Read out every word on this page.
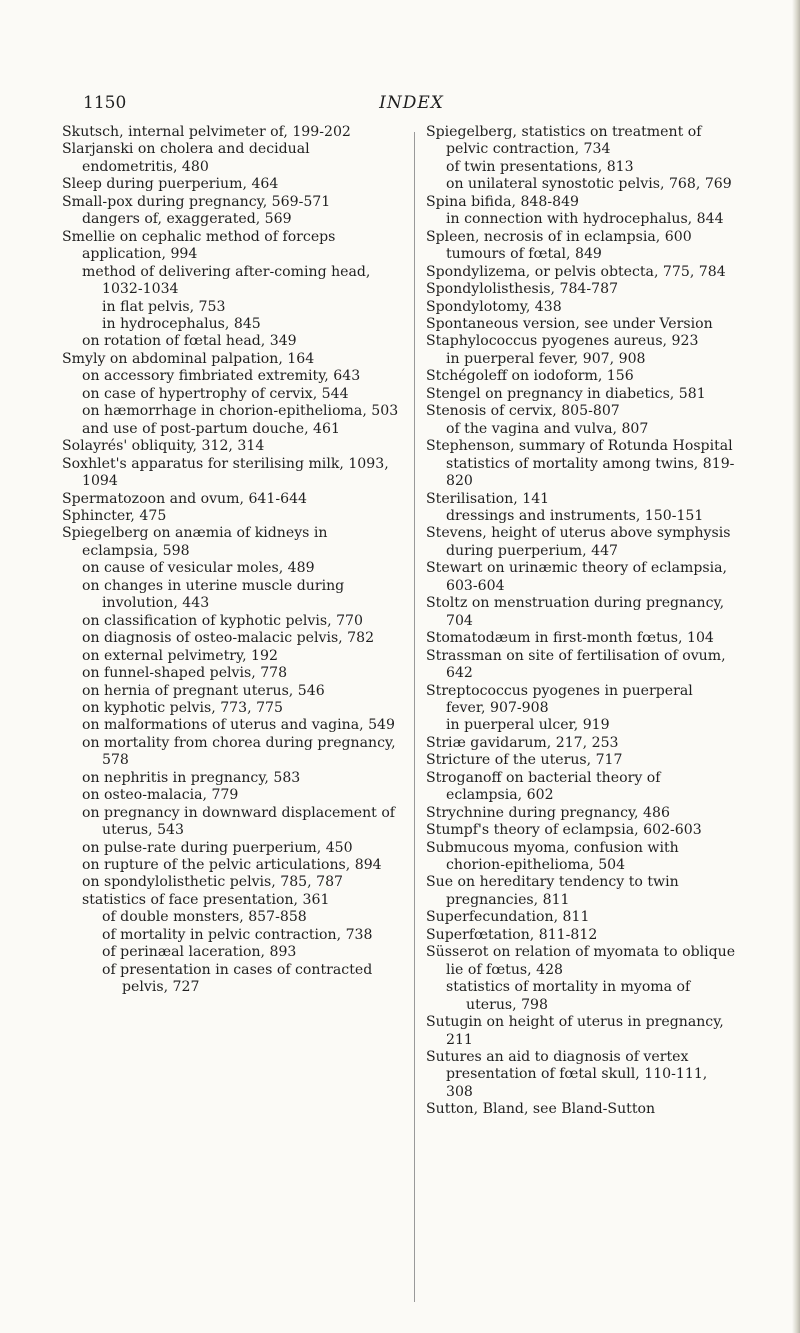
1150	INDEX
Skutsch, internal pelvimeter of, 199-202
Slarjanski on cholera and decidual endometritis, 480
Sleep during puerperium, 464
Small-pox during pregnancy, 569-571
dangers of, exaggerated, 569
Smellie on cephalic method of forceps application, 994
method of delivering after-coming head, 1032-1034
in flat pelvis, 753
in hydrocephalus, 845
on rotation of fœtal head, 349
Smyly on abdominal palpation, 164
on accessory fimbriated extremity, 643
on case of hypertrophy of cervix, 544
on hæmorrhage in chorion-epithelioma, 503
and use of post-partum douche, 461
Solayrés' obliquity, 312, 314
Soxhlet's apparatus for sterilising milk, 1093, 1094
Spermatozoon and ovum, 641-644
Sphincter, 475
Spiegelberg on anæmia of kidneys in eclampsia, 598
on cause of vesicular moles, 489
on changes in uterine muscle during involution, 443
on classification of kyphotic pelvis, 770
on diagnosis of osteo-malacic pelvis, 782
on external pelvimetry, 192
on funnel-shaped pelvis, 778
on hernia of pregnant uterus, 546
on kyphotic pelvis, 773, 775
on malformations of uterus and vagina, 549
on mortality from chorea during pregnancy, 578
on nephritis in pregnancy, 583
on osteo-malacia, 779
on pregnancy in downward displacement of uterus, 543
on pulse-rate during puerperium, 450
on rupture of the pelvic articulations, 894
on spondylolisthetic pelvis, 785, 787
statistics of face presentation, 361
of double monsters, 857-858
of mortality in pelvic contraction, 738
of perinæal laceration, 893
of presentation in cases of contracted pelvis, 727
Spiegelberg, statistics on treatment of pelvic contraction, 734
of twin presentations, 813
on unilateral synostotic pelvis, 768, 769
Spina bifida, 848-849
in connection with hydrocephalus, 844
Spleen, necrosis of in eclampsia, 600
tumours of fœtal, 849
Spondylizema, or pelvis obtecta, 775, 784
Spondylolisthesis, 784-787
Spondylotomy, 438
Spontaneous version, see under Version
Staphylococcus pyogenes aureus, 923
in puerperal fever, 907, 908
Stchégoleff on iodoform, 156
Stengel on pregnancy in diabetics, 581
Stenosis of cervix, 805-807
of the vagina and vulva, 807
Stephenson, summary of Rotunda Hospital statistics of mortality among twins, 819-820
Sterilisation, 141
dressings and instruments, 150-151
Stevens, height of uterus above symphysis during puerperium, 447
Stewart on urinæmic theory of eclampsia, 603-604
Stoltz on menstruation during pregnancy, 704
Stomatodæum in first-month fœtus, 104
Strassman on site of fertilisation of ovum, 642
Streptococcus pyogenes in puerperal fever, 907-908
in puerperal ulcer, 919
Striæ gavidarum, 217, 253
Stricture of the uterus, 717
Stroganoff on bacterial theory of eclampsia, 602
Strychnine during pregnancy, 486
Stumpf's theory of eclampsia, 602-603
Submucous myoma, confusion with chorion-epithelioma, 504
Sue on hereditary tendency to twin pregnancies, 811
Superfecundation, 811
Superfœtation, 811-812
Süsserot on relation of myomata to oblique lie of fœtus, 428
statistics of mortality in myoma of uterus, 798
Sutugin on height of uterus in pregnancy, 211
Sutures an aid to diagnosis of vertex presentation of fœtal skull, 110-111, 308
Sutton, Bland, see Bland-Sutton
